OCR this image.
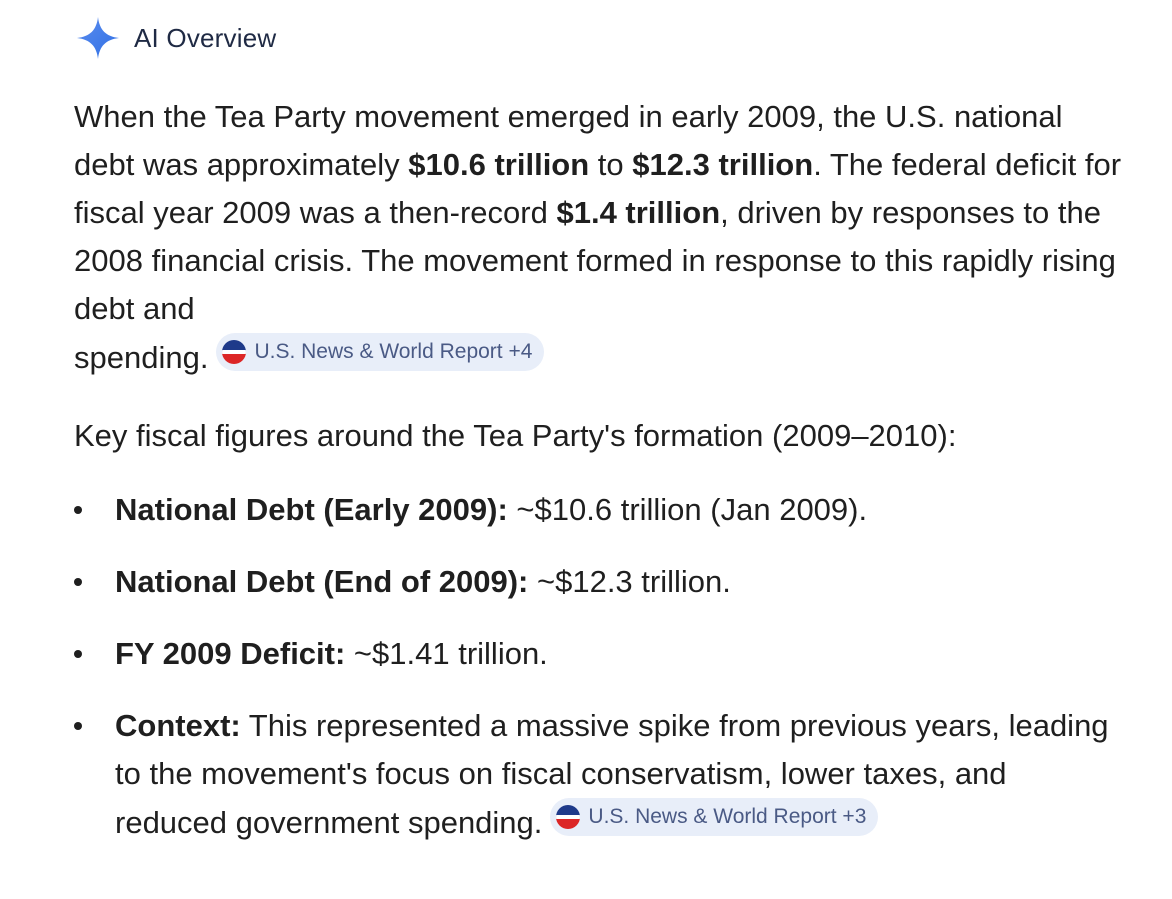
AI Overview

When the Tea Party movement emerged in early 2009, the U.S. national debt was approximately $10.6 trillion to $12.3 trillion. The federal deficit for fiscal year 2009 was a then-record $1.4 trillion, driven by responses to the 2008 financial crisis. The movement formed in response to this rapidly rising debt and
spending. U.S. News & World Report +4

Key fiscal figures around the Tea Party's formation (2009–2010):

National Debt (Early 2009): ~$10.6 trillion (Jan 2009).
National Debt (End of 2009): ~$12.3 trillion.
FY 2009 Deficit: ~$1.41 trillion.
Context: This represented a massive spike from previous years, leading to the movement's focus on fiscal conservatism, lower taxes, and reduced government spending. U.S. News & World Report +3
